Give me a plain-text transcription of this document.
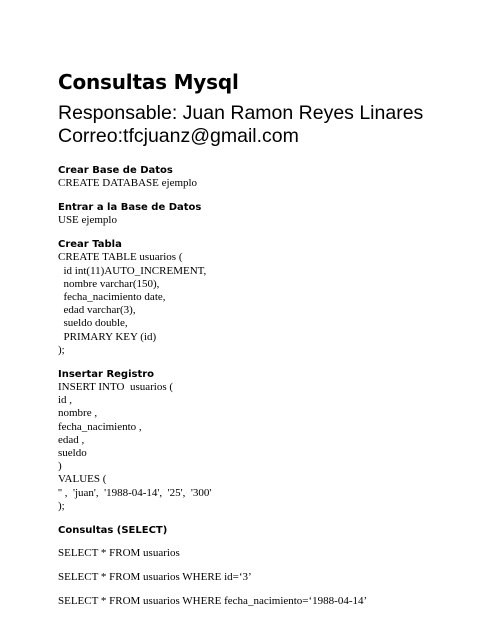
Consultas Mysql

Responsable: Juan Ramon Reyes Linares

Correo:tfcjuanz@gmail.com

Crear Base de Datos

CREATE DATABASE ejemplo

Entrar a la Base de Datos

USE ejemplo

Crear Tabla

CREATE TABLE usuarios (

id int(11)AUTO_INCREMENT,

nombre varchar(150),

fecha_nacimiento date,

edad varchar(3),

sueldo double,

PRIMARY KEY (id)

);

Insertar Registro

INSERT INTO  usuarios (

id ,

nombre ,

fecha_nacimiento ,

edad ,

sueldo

)

VALUES (

'' ,  'juan',  '1988-04-14',  '25',  '300'

);

Consultas (SELECT)

SELECT * FROM usuarios

SELECT * FROM usuarios WHERE id=‘3’

SELECT * FROM usuarios WHERE fecha_nacimiento=‘1988-04-14’
